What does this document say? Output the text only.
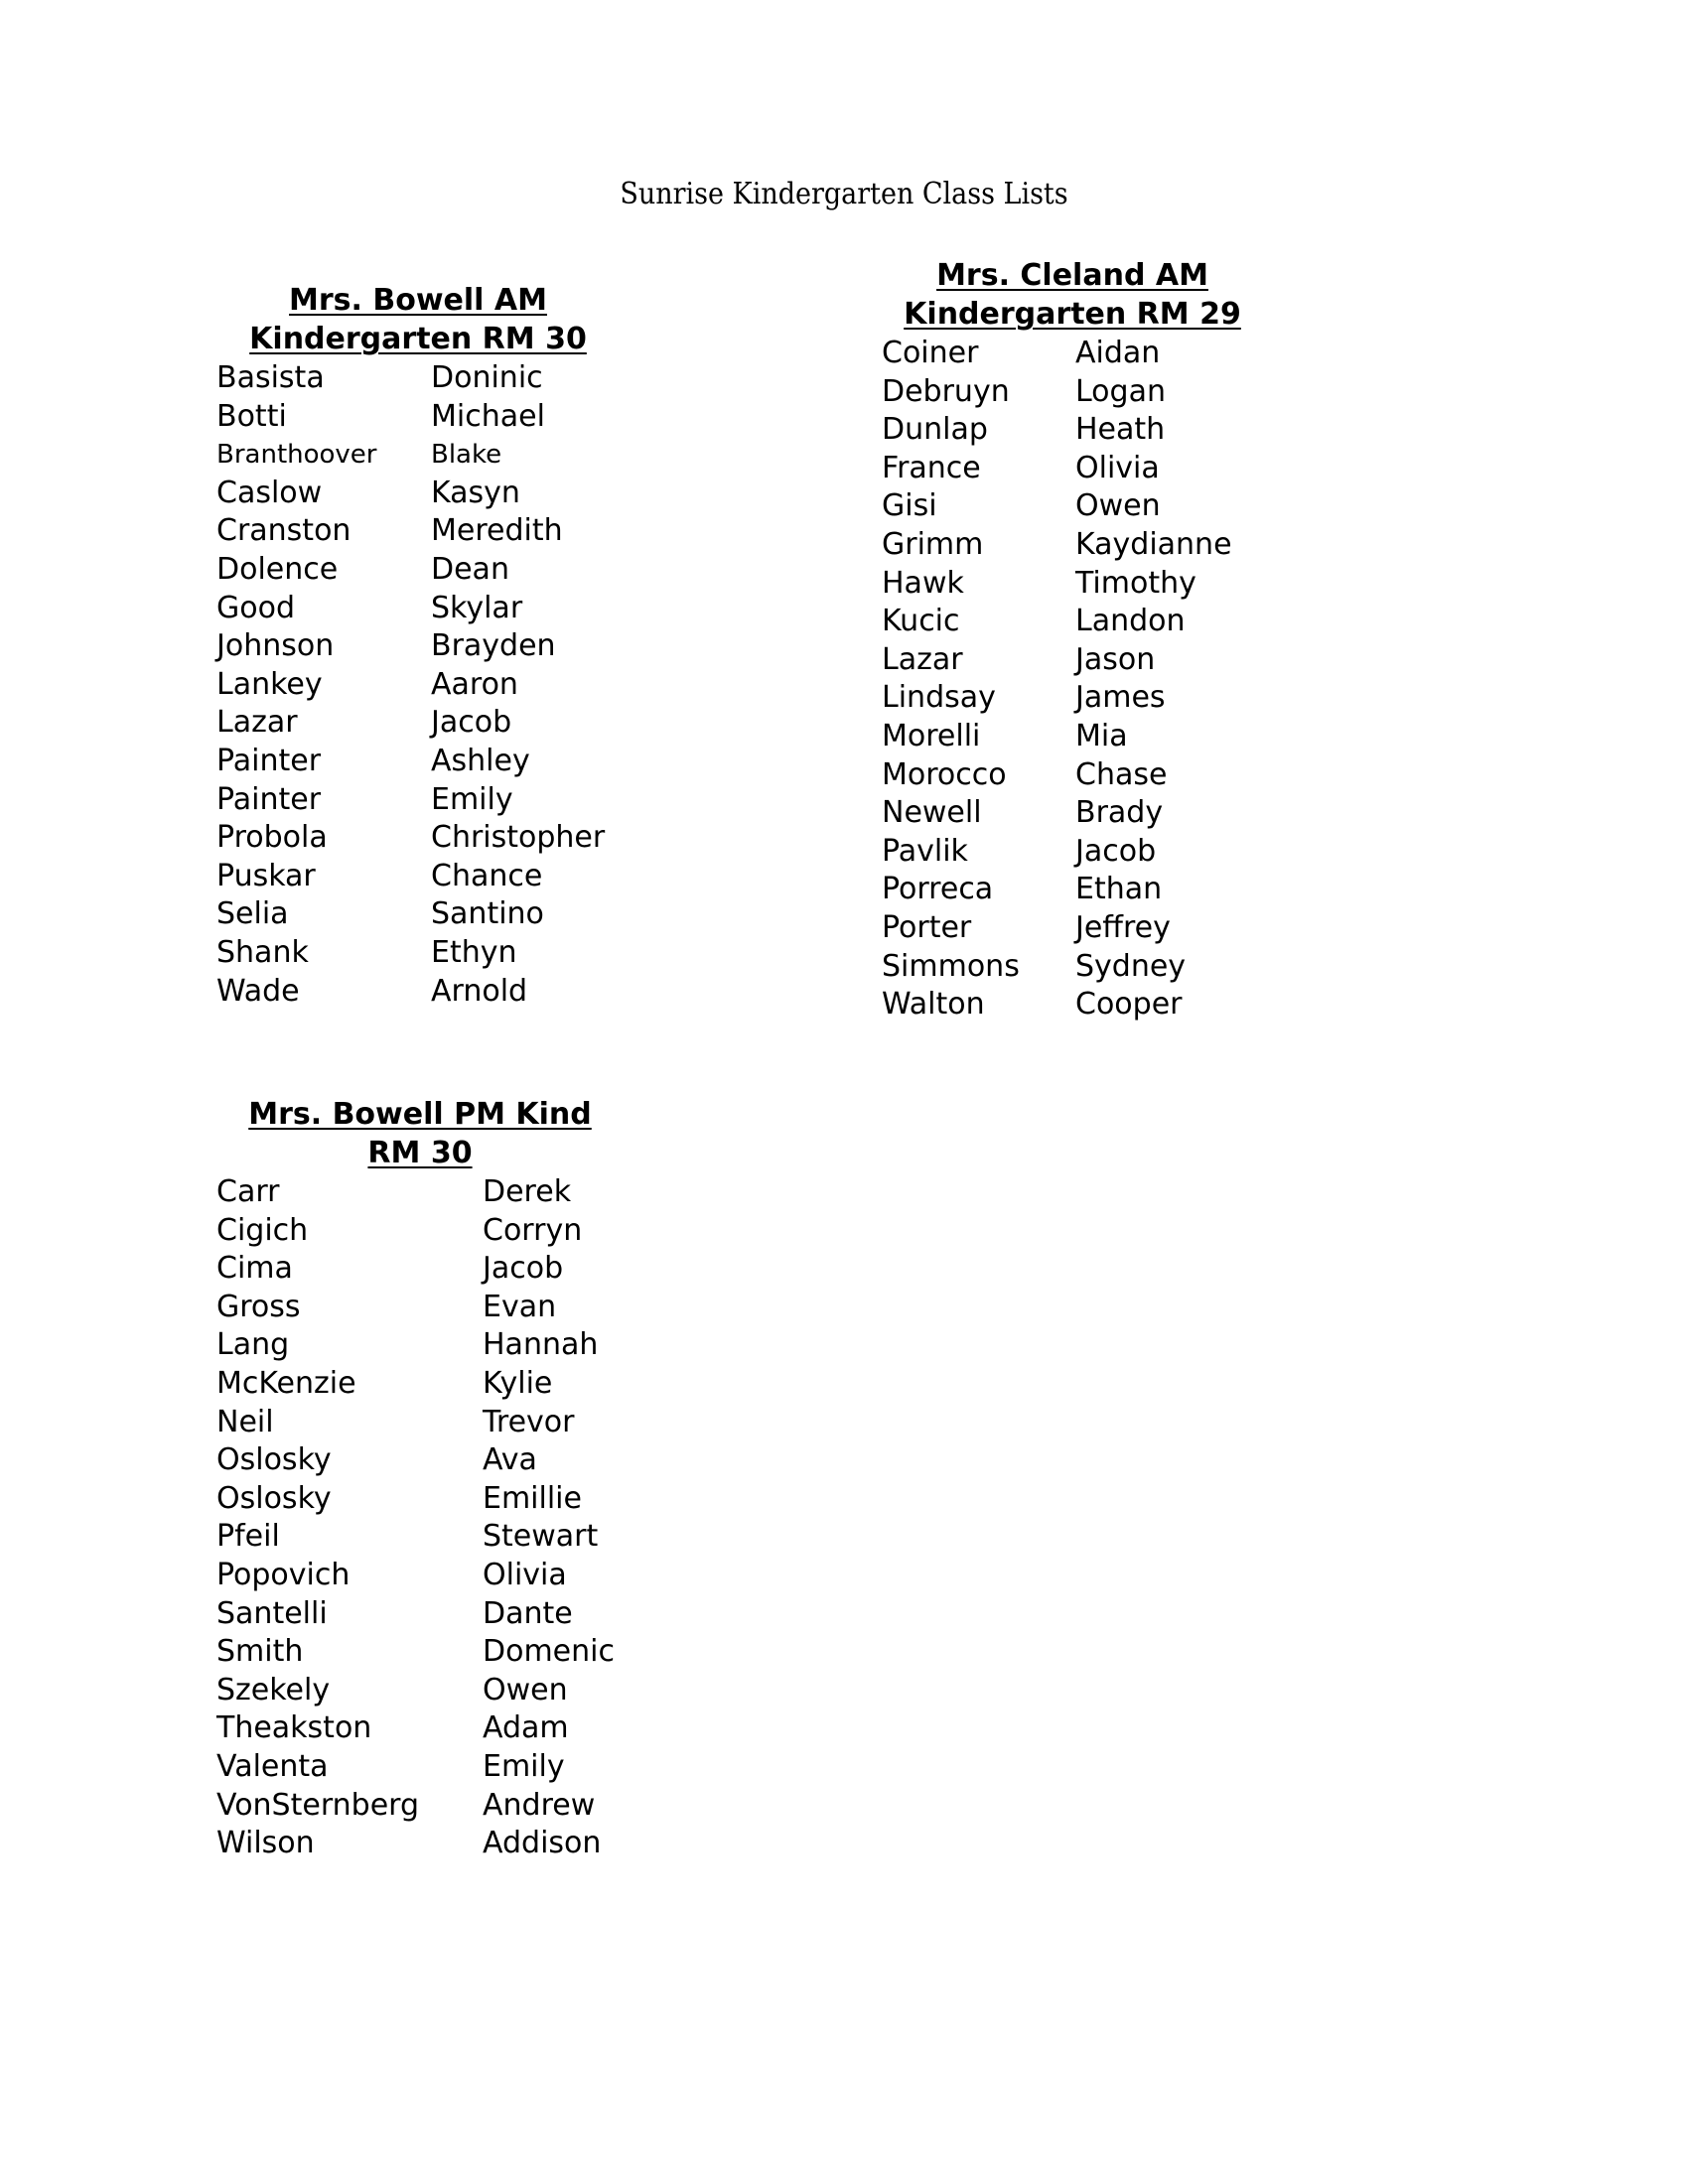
Sunrise Kindergarten Class Lists
Mrs. Bowell AM
Kindergarten RM 30
Basista	Doninic
Botti	Michael
Branthoover	Blake
Caslow	Kasyn
Cranston	Meredith
Dolence	Dean
Good	Skylar
Johnson	Brayden
Lankey	Aaron
Lazar	Jacob
Painter	Ashley
Painter	Emily
Probola	Christopher
Puskar	Chance
Selia	Santino
Shank	Ethyn
Wade	Arnold
Mrs. Cleland AM
Kindergarten RM 29
Coiner	Aidan
Debruyn	Logan
Dunlap	Heath
France	Olivia
Gisi	Owen
Grimm	Kaydianne
Hawk	Timothy
Kucic	Landon
Lazar	Jason
Lindsay	James
Morelli	Mia
Morocco	Chase
Newell	Brady
Pavlik	Jacob
Porreca	Ethan
Porter	Jeffrey
Simmons	Sydney
Walton	Cooper
Mrs. Bowell PM Kind
RM 30
Carr	Derek
Cigich	Corryn
Cima	Jacob
Gross	Evan
Lang	Hannah
McKenzie	Kylie
Neil	Trevor
Oslosky	Ava
Oslosky	Emillie
Pfeil	Stewart
Popovich	Olivia
Santelli	Dante
Smith	Domenic
Szekely	Owen
Theakston	Adam
Valenta	Emily
VonSternberg	Andrew
Wilson	Addison
